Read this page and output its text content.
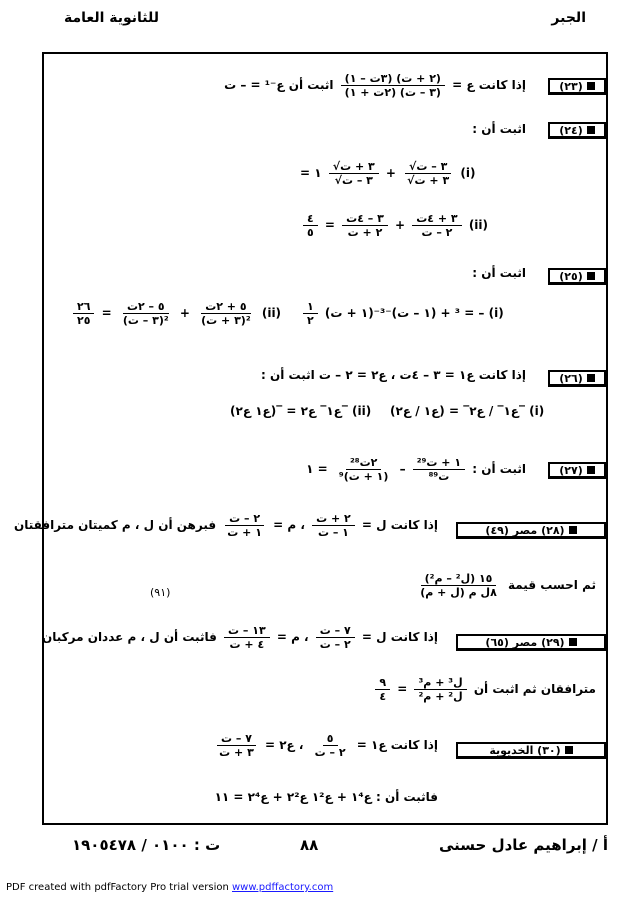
للثانوية العامة	الجبر
(٢٣)
إذا كانت ع =
$\frac{\text{(٢ + ت) (٣ت – ١)}}{\text{(٣ – ت) (٢ت + ١)}}$
اثبت أن ع⁻¹ = – ت
(٢٤)
اثبت أن :
= ١ $\frac{\text{√٣ + ت}}{\text{√٣ – ت}} + \frac{\text{√٣ – ت}}{\text{√٣ + ت}} (i)$
$\frac{٤}{٥} = \frac{\text{٣ – ٤ت}}{\text{٢ + ت}} + \frac{\text{٣ + ٤ت}}{\text{٢ – ت}} (ii)$
(٢٥)
اثبت أن :
$\frac{١}{٢}$ (١ + ت)⁻³ + (١ – ت)⁻³ = – (i)
$\frac{٢٦}{٢٥} = \frac{\text{٥ – ٢ت}}{\text{(٣ – ت)²}} + \frac{\text{٥ + ٢ت}}{\text{(٣ + ت)²}} (ii)$
(٢٦)
إذا كانت ع١ = ٣ – ٤ت ، ع٢ = ٢ – ت اثبت أن :
ع١‾ / ع٢‾ = (ع١ / ع٢)‾ (i)
(ع١ ع٢)‾ = ع١‾ ع٢‾ (ii)
(٢٧)
اثبت أن :
$\frac{\text{١ + ت²⁹}}{\text{ت⁸⁹}}$
–
$\frac{\text{٢ت²⁸}}{\text{(١ + ت)⁹}}$
= ١
(٢٨) مصر (٤٩)
إذا كانت ل =
$\frac{\text{٢ + ت}}{\text{١ – ت}}$
، م =
$\frac{\text{٢ – ت}}{\text{١ + ت}}$
فبرهن أن ل ، م كميتان مترافقتان
ثم احسب قيمة
$\frac{\text{١٥ (ل² – م²)}}{\text{٨ل م (ل + م)}}$
(٩١)
(٢٩) مصر (٦٥)
إذا كانت ل =
$\frac{\text{٧ – ت}}{\text{٢ – ت}}$
، م =
$\frac{\text{١٣ – ت}}{\text{٤ + ت}}$
فاثبت أن ل ، م عددان مركبان
مترافقان ثم اثبت أن
$\frac{\text{ل³ + م³}}{\text{ل² + م²}}$
=
$\frac{٩}{٤}$
(٣٠) الخديوية
إذا كانت ع١ =
$\frac{٥}{\text{٢ – ت}}$
، ع٢ =
$\frac{\text{٧ – ت}}{\text{٣ + ت}}$
فاثبت أن : ع١⁴ + ع١² ع٢² + ع٢⁴ = ١١
أ / إبراهيم عادل حسنى
٨٨
ت : ٠١٠٠ / ١٩٠٥٤٧٨
PDF created with pdfFactory Pro trial version www.pdffactory.com
